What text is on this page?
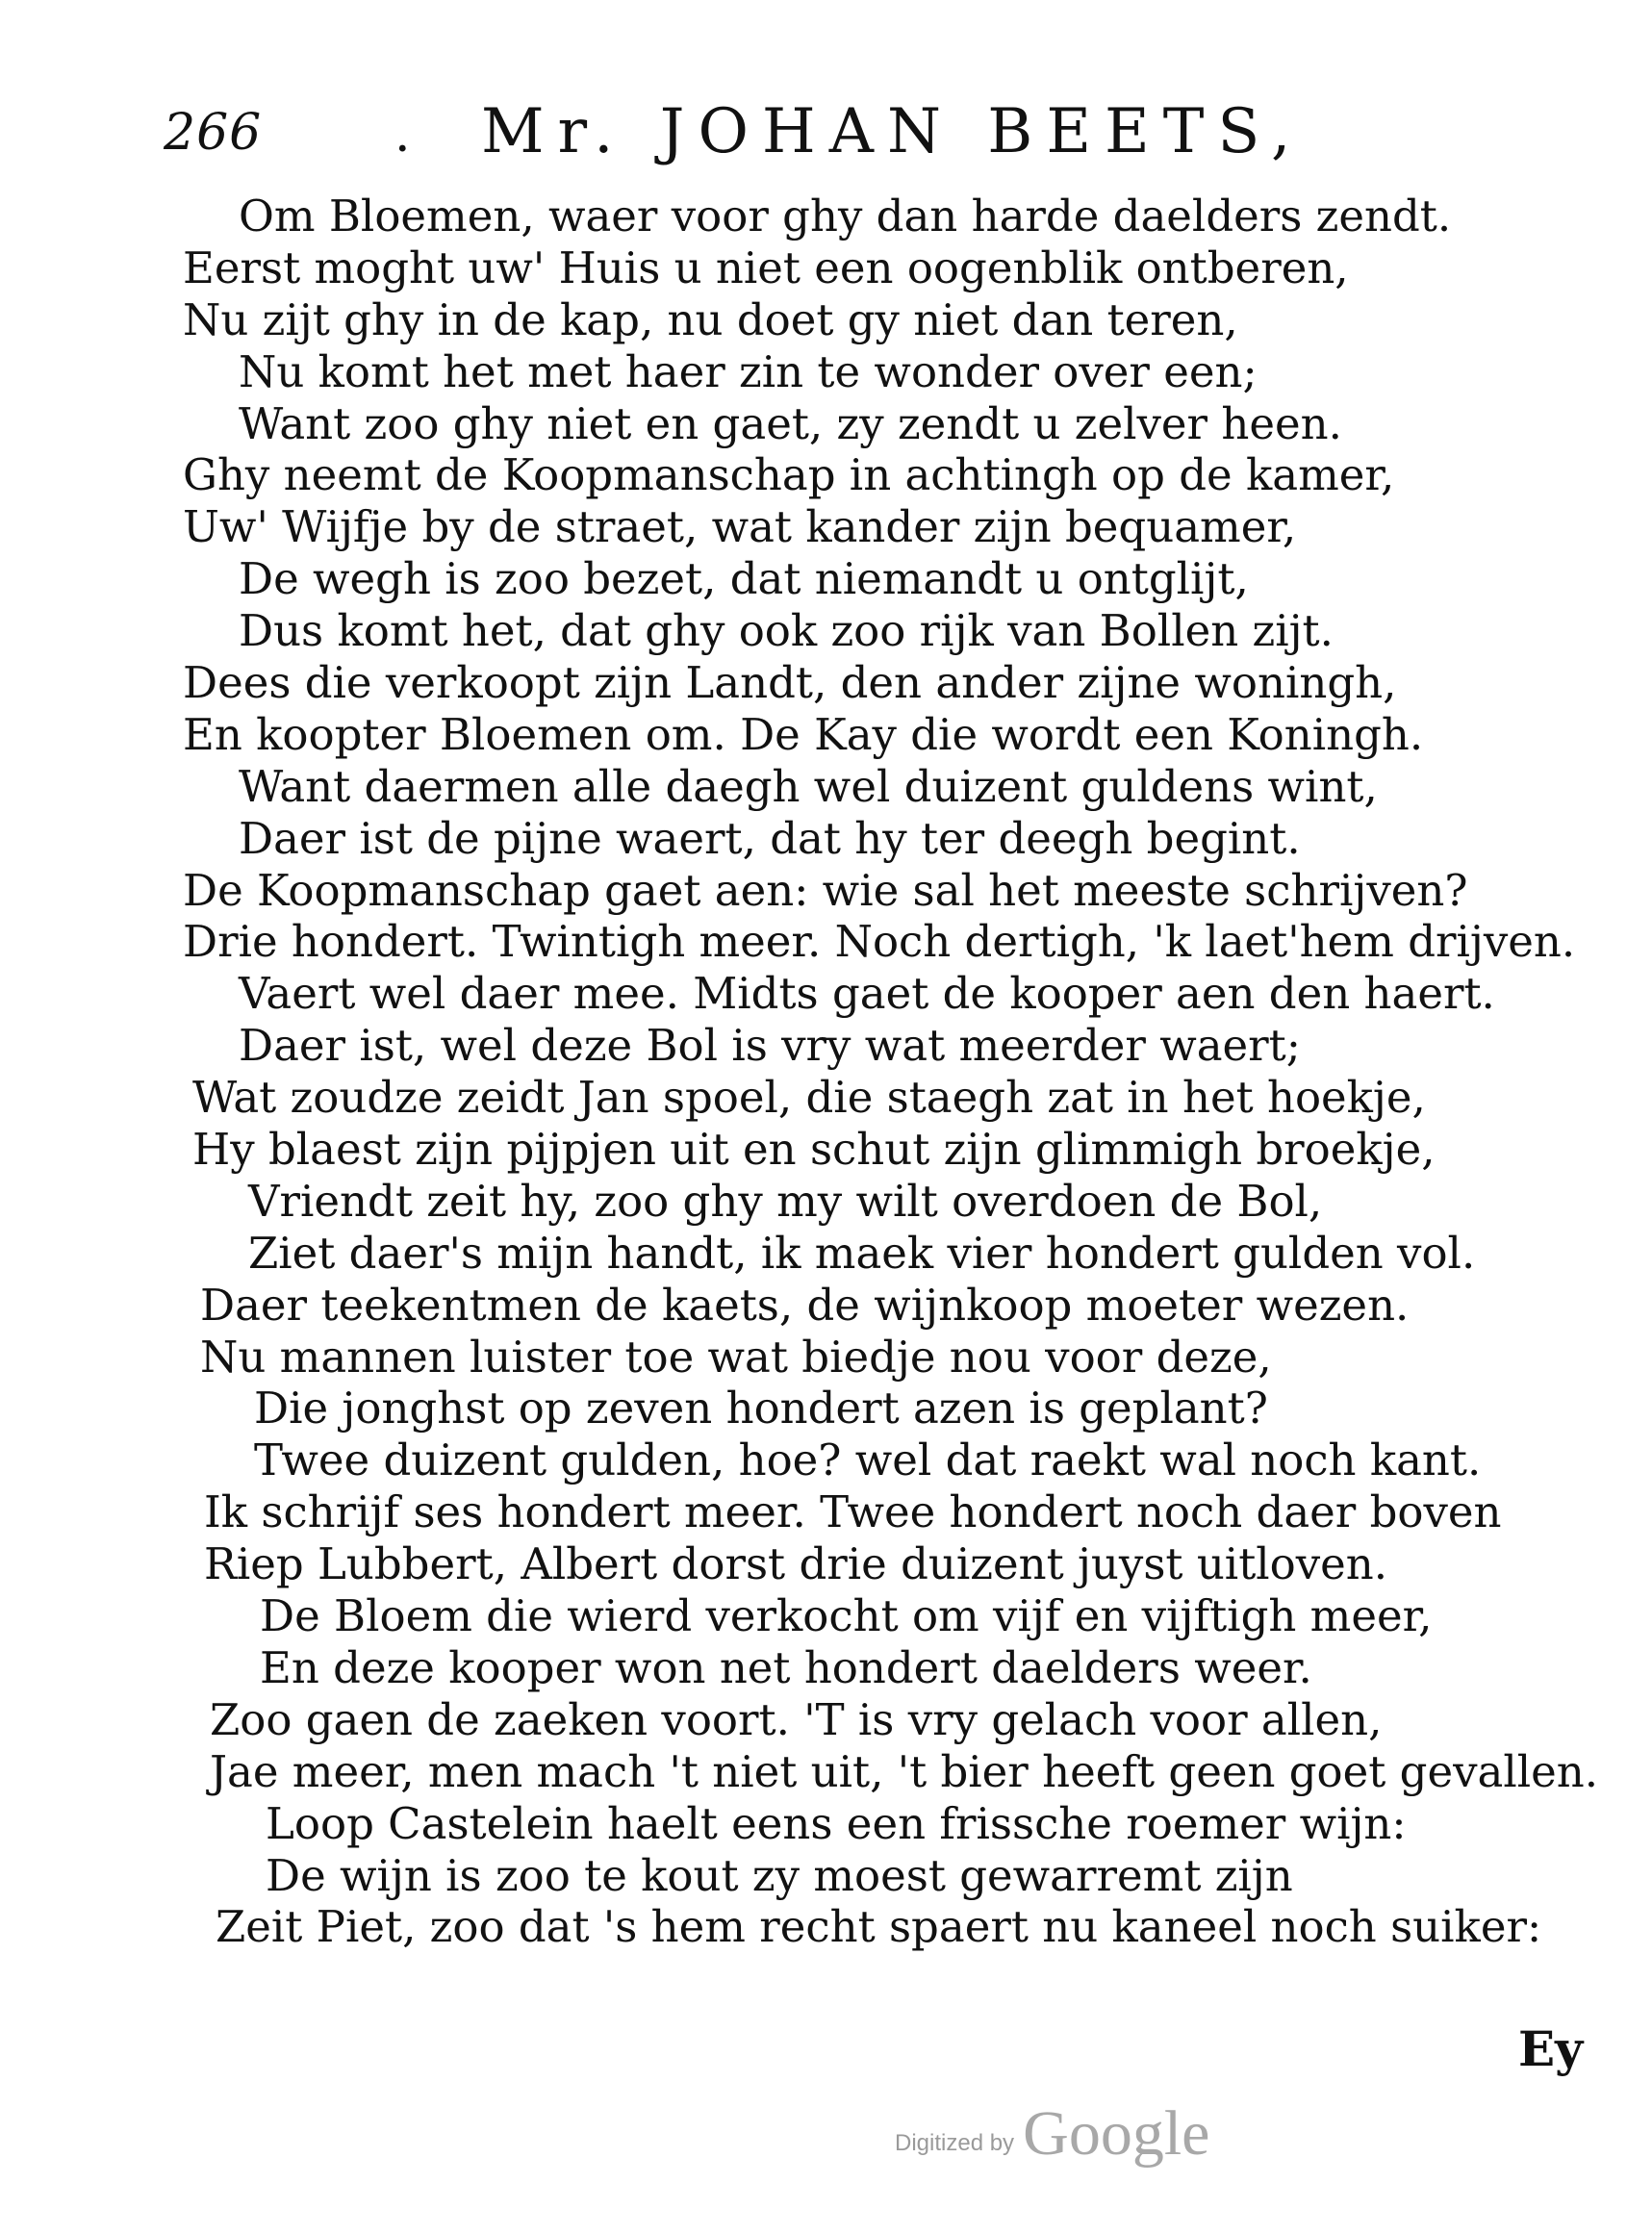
266	. Mr. JOHAN BEETS,
Om Bloemen, waer voor ghy dan harde daelders zendt.
Eerst moght uw' Huis u niet een oogenblik ontberen,
Nu zijt ghy in de kap, nu doet gy niet dan teren,
Nu komt het met haer zin te wonder over een;
Want zoo ghy niet en gaet, zy zendt u zelver heen.
Ghy neemt de Koopmanschap in achtingh op de kamer,
Uw' Wijfje by de straet, wat kander zijn bequamer,
De wegh is zoo bezet, dat niemandt u ontglijt,
Dus komt het, dat ghy ook zoo rijk van Bollen zijt.
Dees die verkoopt zijn Landt, den ander zijne woningh,
En koopter Bloemen om. De Kay die wordt een Koningh.
Want daermen alle daegh wel duizent guldens wint,
Daer ist de pijne waert, dat hy ter deegh begint.
De Koopmanschap gaet aen: wie sal het meeste schrijven?
Drie hondert. Twintigh meer. Noch dertigh, 'k laet'hem drijven.
Vaert wel daer mee. Midts gaet de kooper aen den haert.
Daer ist, wel deze Bol is vry wat meerder waert;
Wat zoudze zeidt Jan spoel, die staegh zat in het hoekje,
Hy blaest zijn pijpjen uit en schut zijn glimmigh broekje,
Vriendt zeit hy, zoo ghy my wilt overdoen de Bol,
Ziet daer's mijn handt, ik maek vier hondert gulden vol.
Daer teekentmen de kaets, de wijnkoop moeter wezen.
Nu mannen luister toe wat biedje nou voor deze,
Die jonghst op zeven hondert azen is geplant?
Twee duizent gulden, hoe? wel dat raekt wal noch kant.
Ik schrijf ses hondert meer. Twee hondert noch daer boven
Riep Lubbert, Albert dorst drie duizent juyst uitloven.
De Bloem die wierd verkocht om vijf en vijftigh meer,
En deze kooper won net hondert daelders weer.
Zoo gaen de zaeken voort. 'T is vry gelach voor allen,
Jae meer, men mach 't niet uit, 't bier heeft geen goet gevallen.
Loop Castelein haelt eens een frissche roemer wijn:
De wijn is zoo te kout zy moest gewarremt zijn
Zeit Piet, zoo dat 's hem recht spaert nu kaneel noch suiker:
Ey
Digitized by Google
